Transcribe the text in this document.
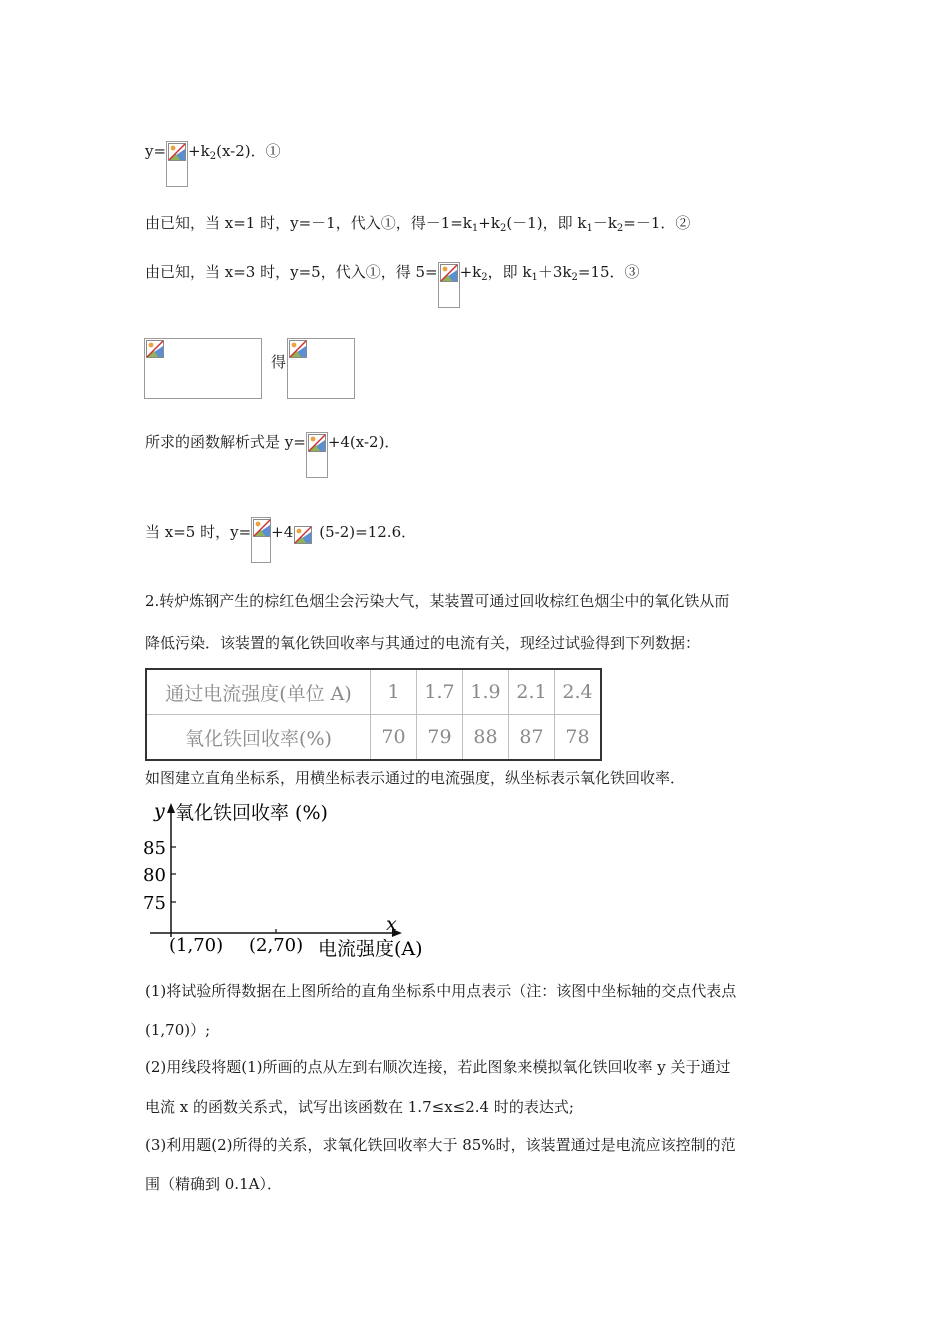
$y= +k_2(x-2)$．①
由已知，当 x=1 时，y=－1，代入①，得$-1=k_1+k_2(-1)$，即 $k_1-k_2=-1$．②
由已知，当 x=3 时，y=5，代入①，得 $5= +k_2$，即 $k_1+3k_2=15$．③
得
所求的函数解析式是 y= +4(x-2)．
当 x=5 时，y= +4 (5-2)=12.6．
2.转炉炼钢产生的棕红色烟尘会污染大气，某装置可通过回收棕红色烟尘中的氧化铁从而
降低污染．该装置的氧化铁回收率与其通过的电流有关，现经过试验得到下列数据：
通过电流强度(单位 A)	1	1.7	1.9	2.1	2.4
氧化铁回收率(%)	70	79	88	87	78
如图建立直角坐标系，用横坐标表示通过的电流强度，纵坐标表示氧化铁回收率．
y 氧化铁回收率 (%)
85
80
75
x
(1,70) (2,70) 电流强度(A)
(1)将试验所得数据在上图所给的直角坐标系中用点表示（注：该图中坐标轴的交点代表点
(1,70)）;
(2)用线段将题(1)所画的点从左到右顺次连接，若此图象来模拟氧化铁回收率 y 关于通过
电流 x 的函数关系式，试写出该函数在 1.7≤x≤2.4 时的表达式;
(3)利用题(2)所得的关系，求氧化铁回收率大于 85%时，该装置通过是电流应该控制的范
围（精确到 0.1A）．
